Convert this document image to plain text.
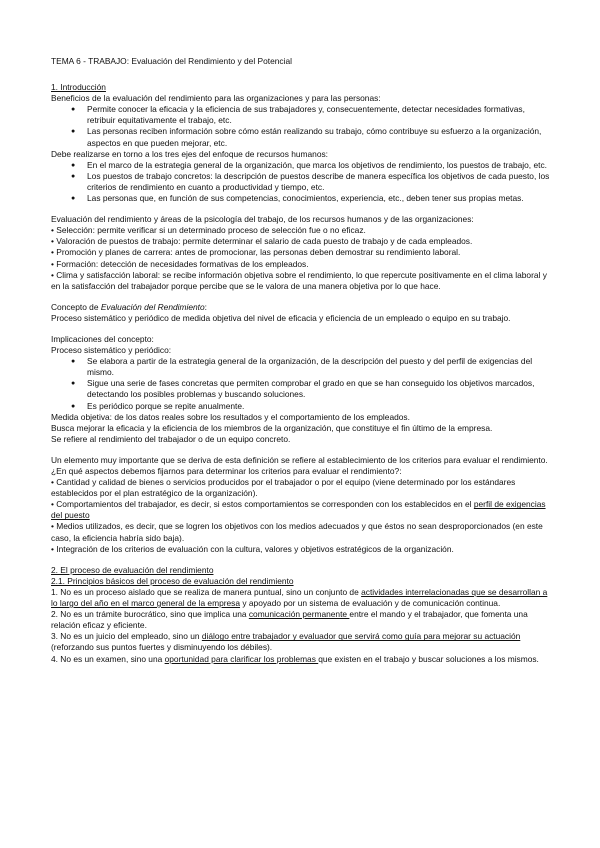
TEMA 6 - TRABAJO: Evaluación del Rendimiento y del Potencial

1. Introducción

Beneficios de la evaluación del rendimiento para las organizaciones y para las personas:

● Permite conocer la eficacia y la eficiencia de sus trabajadores y, consecuentemente, detectar necesidades formativas, retribuir equitativamente el trabajo, etc.
● Las personas reciben información sobre cómo están realizando su trabajo, cómo contribuye su esfuerzo a la organización, aspectos en que pueden mejorar, etc.

Debe realizarse en torno a los tres ejes del enfoque de recursos humanos:

● En el marco de la estrategia general de la organización, que marca los objetivos de rendimiento, los puestos de trabajo, etc.
● Los puestos de trabajo concretos: la descripción de puestos describe de manera específica los objetivos de cada puesto, los criterios de rendimiento en cuanto a productividad y tiempo, etc.
● Las personas que, en función de sus competencias, conocimientos, experiencia, etc., deben tener sus propias metas.

Evaluación del rendimiento y áreas de la psicología del trabajo, de los recursos humanos y de las organizaciones:

• Selección: permite verificar si un determinado proceso de selección fue o no eficaz.

• Valoración de puestos de trabajo: permite determinar el salario de cada puesto de trabajo y de cada empleados.

• Promoción y planes de carrera: antes de promocionar, las personas deben demostrar su rendimiento laboral.

• Formación: detección de necesidades formativas de los empleados.

• Clima y satisfacción laboral: se recibe información objetiva sobre el rendimiento, lo que repercute positivamente en el clima laboral y en la satisfacción del trabajador porque percibe que se le valora de una manera objetiva por lo que hace.

Concepto de Evaluación del Rendimiento:

Proceso sistemático y periódico de medida objetiva del nivel de eficacia y eficiencia de un empleado o equipo en su trabajo.

Implicaciones del concepto:

Proceso sistemático y periódico:

● Se elabora a partir de la estrategia general de la organización, de la descripción del puesto y del perfil de exigencias del mismo.
● Sigue una serie de fases concretas que permiten comprobar el grado en que se han conseguido los objetivos marcados, detectando los posibles problemas y buscando soluciones.
● Es periódico porque se repite anualmente.

Medida objetiva: de los datos reales sobre los resultados y el comportamiento de los empleados.

Busca mejorar la eficacia y la eficiencia de los miembros de la organización, que constituye el fin último de la empresa.

Se refiere al rendimiento del trabajador o de un equipo concreto.

Un elemento muy importante que se deriva de esta definición se refiere al establecimiento de los criterios para evaluar el rendimiento. ¿En qué aspectos debemos fijarnos para determinar los criterios para evaluar el rendimiento?:

• Cantidad y calidad de bienes o servicios producidos por el trabajador o por el equipo (viene determinado por los estándares establecidos por el plan estratégico de la organización).

• Comportamientos del trabajador, es decir, si estos comportamientos se corresponden con los establecidos en el perfil de exigencias del puesto

• Medios utilizados, es decir, que se logren los objetivos con los medios adecuados y que éstos no sean desproporcionados (en este caso, la eficiencia habría sido baja).

• Integración de los criterios de evaluación con la cultura, valores y objetivos estratégicos de la organización.

2. El proceso de evaluación del rendimiento

2.1. Principios básicos del proceso de evaluación del rendimiento

1. No es un proceso aislado que se realiza de manera puntual, sino un conjunto de actividades interrelacionadas que se desarrollan a lo largo del año en el marco general de la empresa y apoyado por un sistema de evaluación y de comunicación continua.

2. No es un trámite burocrático, sino que implica una comunicación permanente entre el mando y el trabajador, que fomenta una relación eficaz y eficiente.

3. No es un juicio del empleado, sino un diálogo entre trabajador y evaluador que servirá como guía para mejorar su actuación (reforzando sus puntos fuertes y disminuyendo los débiles).

4. No es un examen, sino una oportunidad para clarificar los problemas que existen en el trabajo y buscar soluciones a los mismos.
